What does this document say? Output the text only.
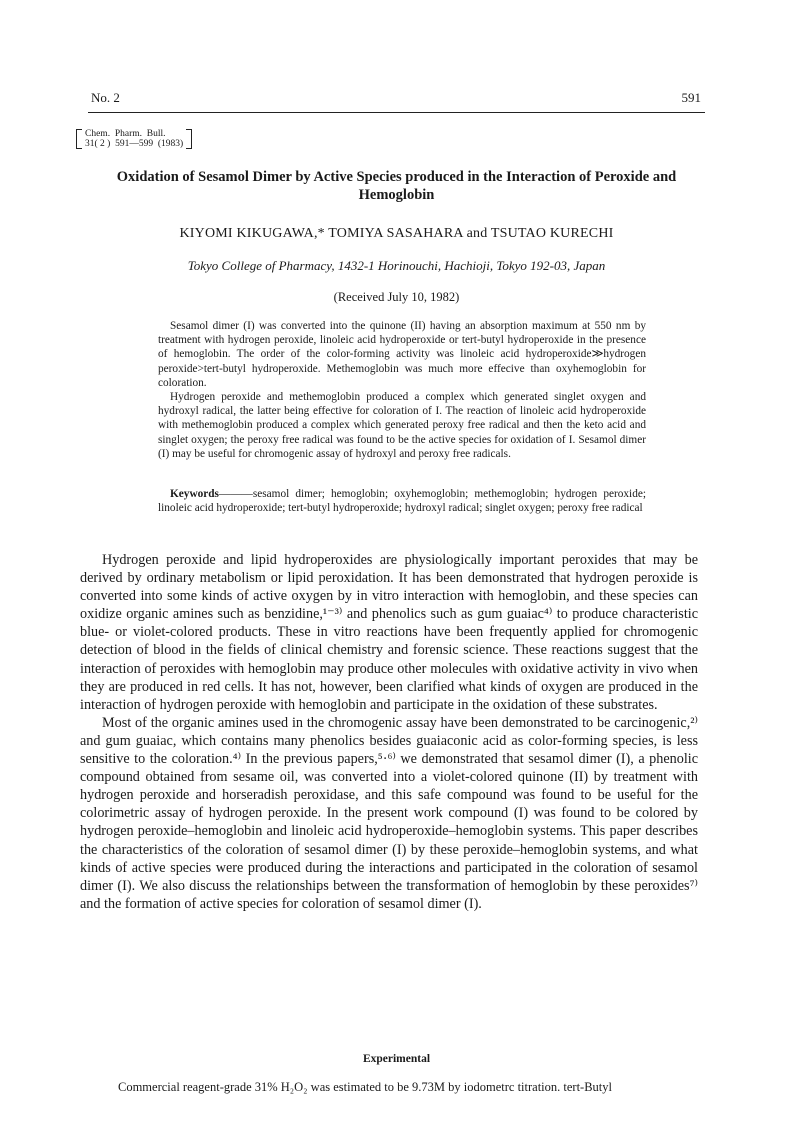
No. 2	591
Chem.  Pharm.  Bull.
31( 2 )  591—599  (1983)
Oxidation of Sesamol Dimer by Active Species produced in the Interaction of Peroxide and Hemoglobin
KIYOMI KIKUGAWA,* TOMIYA SASAHARA and TSUTAO KURECHI
Tokyo College of Pharmacy, 1432-1 Horinouchi, Hachioji, Tokyo 192-03, Japan
(Received July 10, 1982)

Sesamol dimer (I) was converted into the quinone (II) having an absorption maximum at 550 nm by treatment with hydrogen peroxide, linoleic acid hydroperoxide or tert-butyl hydroperoxide in the presence of hemoglobin. The order of the color-forming activity was linoleic acid hydroperoxide≫hydrogen peroxide>tert-butyl hydroperoxide. Methemoglobin was much more effecive than oxyhemoglobin for coloration.

Hydrogen peroxide and methemoglobin produced a complex which generated singlet oxygen and hydroxyl radical, the latter being effective for coloration of I. The reaction of linoleic acid hydroperoxide with methemoglobin produced a complex which generated peroxy free radical and then the keto acid and singlet oxygen; the peroxy free radical was found to be the active species for oxidation of I. Sesamol dimer (I) may be useful for chromogenic assay of hydroxyl and peroxy free radicals.

Keywords———sesamol dimer; hemoglobin; oxyhemoglobin; methemoglobin; hydrogen peroxide; linoleic acid hydroperoxide; tert-butyl hydroperoxide; hydroxyl radical; singlet oxygen; peroxy free radical

Hydrogen peroxide and lipid hydroperoxides are physiologically important peroxides that may be derived by ordinary metabolism or lipid peroxidation. It has been demonstrated that hydrogen peroxide is converted into some kinds of active oxygen by in vitro interaction with hemoglobin, and these species can oxidize organic amines such as benzidine,¹⁻³⁾ and phenolics such as gum guaiac⁴⁾ to produce characteristic blue- or violet-colored products. These in vitro reactions have been frequently applied for chromogenic detection of blood in the fields of clinical chemistry and forensic science. These reactions suggest that the interaction of peroxides with hemoglobin may produce other molecules with oxidative activity in vivo when they are produced in red cells. It has not, however, been clarified what kinds of oxygen are produced in the interaction of hydrogen peroxide with hemoglobin and participate in the oxidation of these substrates.

Most of the organic amines used in the chromogenic assay have been demonstrated to be carcinogenic,²⁾ and gum guaiac, which contains many phenolics besides guaiaconic acid as color-forming species, is less sensitive to the coloration.⁴⁾ In the previous papers,⁵·⁶⁾ we demonstrated that sesamol dimer (I), a phenolic compound obtained from sesame oil, was converted into a violet-colored quinone (II) by treatment with hydrogen peroxide and horseradish peroxidase, and this safe compound was found to be useful for the colorimetric assay of hydrogen peroxide. In the present work compound (I) was found to be colored by hydrogen peroxide–hemoglobin and linoleic acid hydroperoxide–hemoglobin systems. This paper describes the characteristics of the coloration of sesamol dimer (I) by these peroxide–hemoglobin systems, and what kinds of active species were produced during the interactions and participated in the coloration of sesamol dimer (I). We also discuss the relationships between the transformation of hemoglobin by these peroxides⁷⁾ and the formation of active species for coloration of sesamol dimer (I).

Experimental
Commercial reagent-grade 31% H₂O₂ was estimated to be 9.73M by iodometrc titration. tert-Butyl
